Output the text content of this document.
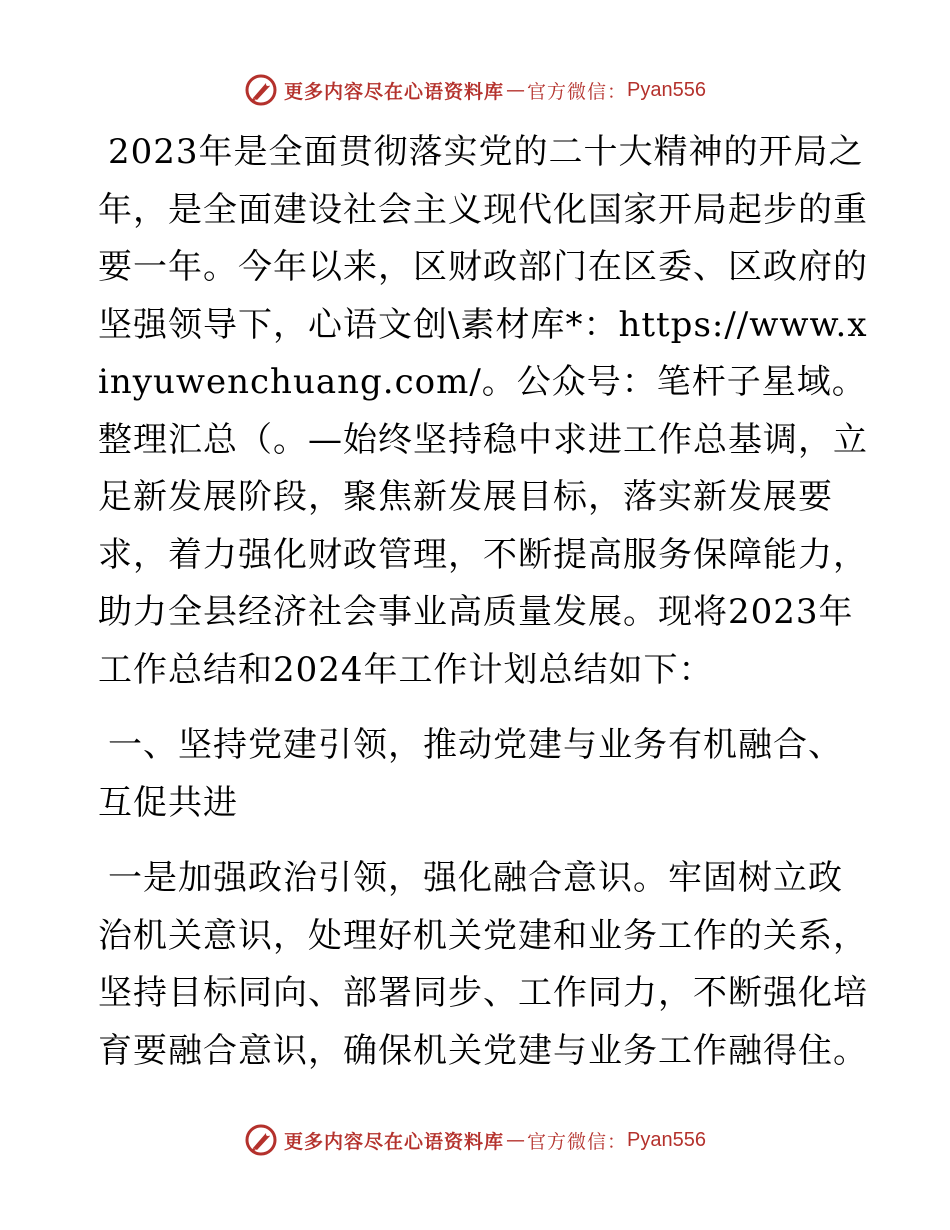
更多内容尽在心语资料库 — 官方微信： Pyan556

2023年是全面贯彻落实党的二十大精神的开局之年，是全面建设社会主义现代化国家开局起步的重要一年。今年以来，区财政部门在区委、区政府的坚强领导下，心语文创\素材库*：https://www.xinyuwenchuang.com/。公众号：笔杆子星域。整理汇总（。—始终坚持稳中求进工作总基调，立足新发展阶段，聚焦新发展目标，落实新发展要求，着力强化财政管理，不断提高服务保障能力，助力全县经济社会事业高质量发展。现将2023年工作总结和2024年工作计划总结如下：

一、坚持党建引领，推动党建与业务有机融合、互促共进

一是加强政治引领，强化融合意识。牢固树立政治机关意识，处理好机关党建和业务工作的关系，坚持目标同向、部署同步、工作同力，不断强化培育要融合意识，确保机关党建与业务工作融得住。

更多内容尽在心语资料库 — 官方微信： Pyan556
